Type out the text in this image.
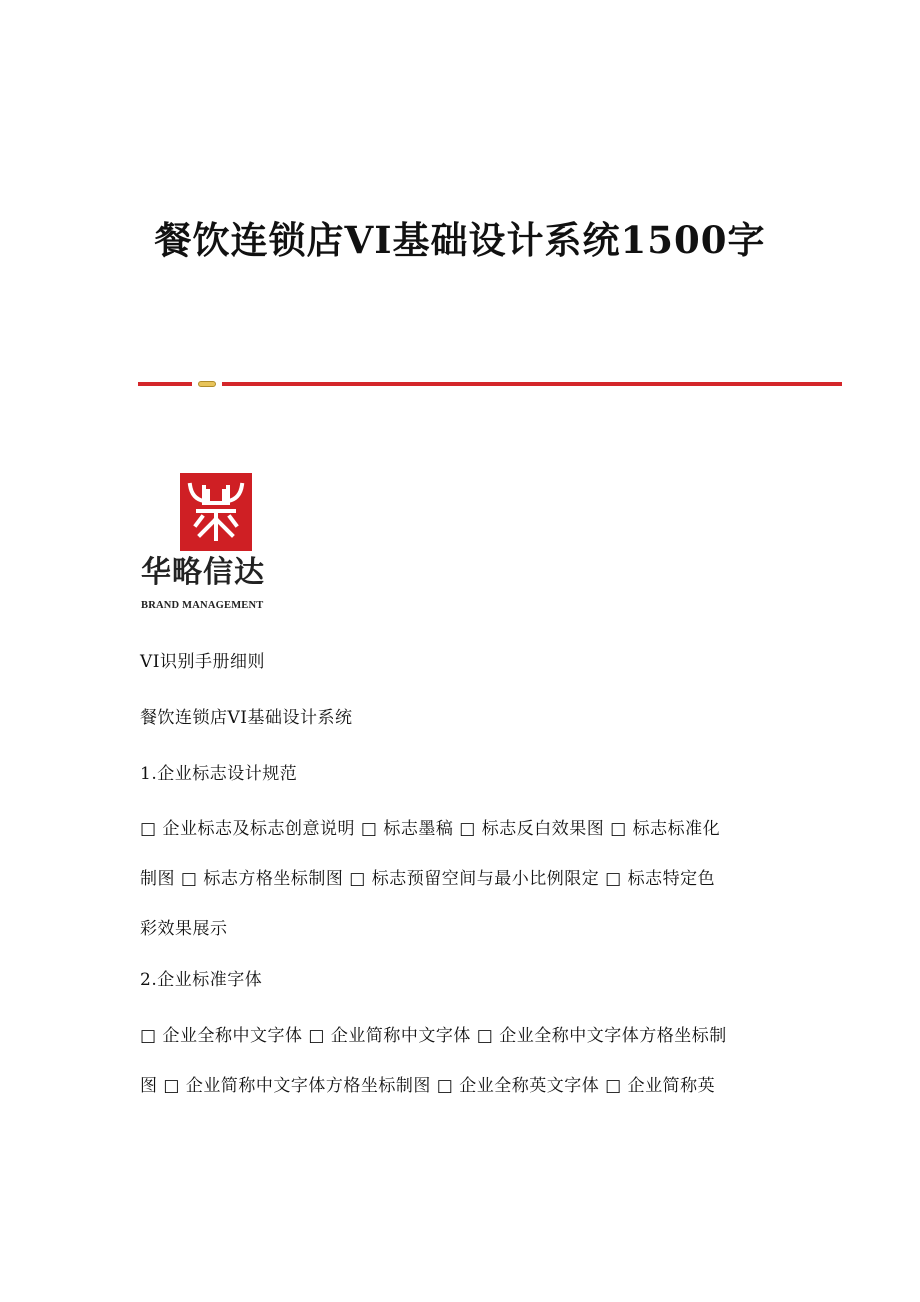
餐饮连锁店VI基础设计系统1500字
华略信达
BRAND MANAGEMENT
VI识别手册细则
餐饮连锁店VI基础设计系统
1.企业标志设计规范
□ 企业标志及标志创意说明 □ 标志墨稿 □ 标志反白效果图 □ 标志标准化
制图 □ 标志方格坐标制图 □ 标志预留空间与最小比例限定 □ 标志特定色
彩效果展示
2.企业标准字体
□ 企业全称中文字体 □ 企业简称中文字体 □ 企业全称中文字体方格坐标制
图 □ 企业简称中文字体方格坐标制图 □ 企业全称英文字体 □ 企业简称英
